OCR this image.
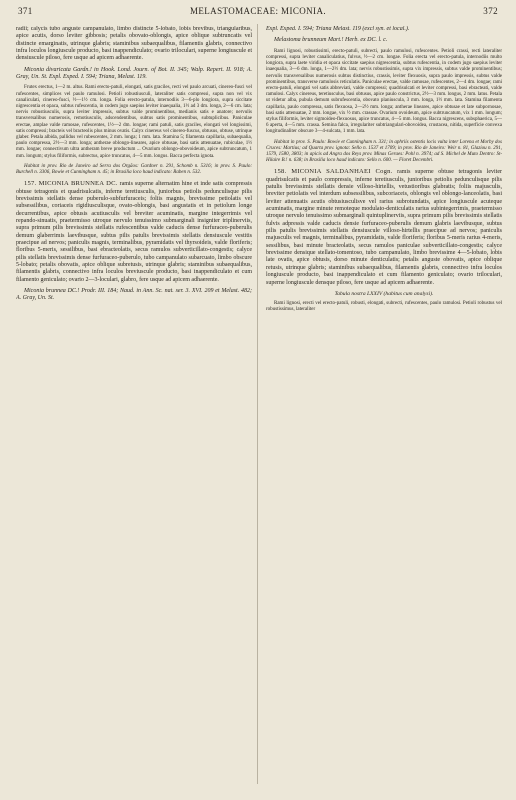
371	MELASTOMACEAE: MICONIA.	372

radii; calycis tubo anguste campanulato, limbo distincte 5-lobato, lobis brevibus, triangularibus, apice acutis, dorso leviter gibbosis; petalis obovato-oblongis, apice oblique subtruncatis vel distincte emarginatis, utrinque glabris; staminibus subaequalibus, filamentis glabris, connectivo infra loculos longiuscule producto, basi inappendiculato; ovario triloculari, superne longiuscule et densiuscule piloso, fere usque ad apicem adhaerente.

Miconia divaricata Gardn.! in Hook. Lond. Journ. of Bot. II. 345; Walp. Repert. II. 918; A. Gray, Un. St. Expl. Exped. I. 594; Triana, Melast. 119.

Frutex erectus, 1—2 m. altus. Rami erecto-patuli, elongati, satis graciles, recti vel paulo arcuati, cinereo-fusci vel rufescentes, simplices vel paulo ramulosi. Petioli robustiusculi, lateraliter satis compressi, supra non vel vix canaliculati, cinereo-fusci, ½—1½ cm. longa. Folia erecto-patula, internodiis 3—6-plo longiora, supra siccitate nigrescentia et opaca, subtus rufescentia, in codem jugo saepius leviter inaequalia, 1½ ad 3 dm. longa, 2—6 cm. lata; nervis robustiusculis, supra leviter impressis, subtus valde prominentibus, medianis satis e anatore; nervulis transversalibus numerosis, remotiusculis, adscendentibus, subtus satis prominentibus, subtuplicibus. Paniculae erectae, amplae valde ramosae, rufescentes, 1½—2 dm. longae; rami patuli, satis graciles, elongati vel longissimi, satis compressi; bracteis vel bracteolis plus minus ovatis. Calyx cinereus vel cinereo-fuscus, obtusus, obtuse, utrinque glaber. Petala albida, pallidus vel rubescentes, 2 mm. longa; 1 mm. lata. Stamina 5; filamenta capillaria, subaequalia, paulo compressa, 2½—3 mm. longa; antherae oblongo-lineares, apice obtusae, basi satis attenuatae, rubiculae, 1½ mm. longae; connectivum ultra antheram breve productum ... Ovarium oblongo-obovoideum, apice subtruncatum, 1 mm. longum; stylus filiformis, subrectus, apice truncatus, 4—5 mm. longus. Bacca perfecta ignota.

Habitat in prov. Rio de Janeiro ad Serra dos Orgãos: Gardner n. 291, Schomb n. 5316; in prov. S. Paulo: Burchell n. 3306, Bowie et Cunningham n. 45; in Brasilia loco haud indicato: Raben n. 532.

157. MICONIA BRUNNEA DC. ramis superne alternatim hine et inde satis compressis obtuse tetragonis et quadrisulcatis, inferne teretiusculis, juniorbus petiolis pedunculisque pilis brevissimis stellatis dense puberulo-subfurfuraceis; foliis magnis, brevissime petiolatis vel subsessilibus, coriaceis rigidiusculisque, ovato-oblongis, basi angustatis et in petiolum longe decurrentibus, apice obtusis acutiusculis vel breviter acuminatis, margine integerrimis vel repando-sinuatis, praetermisso utroque nervulo tenuissimo submarginali insigniter triplinerviis, supra primum pilis brevissimis stellatis rufescentibus valde caducis dense furfuraceo-puberulis demum glaberrimis laevibusque, subtus pilis patulis brevissimis stellatis densiuscule vestitis praecipue ad nervos; paniculis magnis, terminalibus, pyramidatis vel thyrsoideis, valde floriferis; floribus 5-meris, sessilibus, basi ebracteolatis, secus ramulos subverticillato-congestis; calyce pilis stellatis brevissimis dense furfuraceo-puberulo, tubo campanulato subarcuato, limbo obscure 5-lobato; petalis obovatis, apice oblique subretusis, utrinque glabris; staminibus subaequalibus, filamentis glabris, connectivo infra loculos breviuscule producto, basi inappendiculato et cum filamento geniculato; ovario 2—3-loculari, glabro, fere usque ad apicem adhaerente.

Miconia brunnea DC.! Prodr. III. 184; Naud. in Ann. Sc. nat. ser. 3. XVI. 209 et Melast. 482; A. Gray, Un. St.

Expl. Exped. I. 594; Triana Melast. 119 (excl syn. et local.).

Melastoma brunneum Mart.! Herb. ex DC. l. c.

Rami lignosi, robustissimi, erecto-patuli, subrecti, paulo ramulosi, rufescentes. Petioli crassi, recti lateraliter compressi, supra leviter canaliculatius, fulvus, ½—2 cm. longae. Folia erecta vel erecto-patula, internodiis multo longiora, supra laete viridia et opaca siccitate saepius nigrescentia, subtus rufescentia, in codem jugo saepius leviter inaequalia, 3—6 dm. longa, 1—2½ dm. lata; nervis robustissimis, supra vix impressis, subtus valde prominentibus; nervulis transversalibus numerosis subtus distinctius, crassis, leviter flexuosis, supra paulo impressis, subtus valde prominentibus, transverse ramulosis reticulatis. Paniculae erectae, valde ramosae, rufescentes, 2—4 dm. longae; rami erecto-patuli, elongati vel satis abbreviati, valde compressi; quadrisulcati et leviter compressi, basi ebracteati, valde ramulosi. Calyx cinereus, teretiusculus, basi obtusus, apice paulo constrictus, 2½—3 mm. longus, 2 mm. latus. Petala ut videtur alba, pubula demum subrufescentia, obovato planiuscula, 3 mm. longa, 1½ mm. lata. Stamina filamenta capillaria, paulo compressa, satis flexuosa, 2—2½ mm. longa; antherae lineares, apice obtusae et late subpornosae, basi satis attenuatae, 2 mm. longae, vix ½ mm. crassae. Ovarium ovoideum, apice subtruncatum, vix 1 mm. longum; stylus filiformis, leviter sigmoideo-flexuosus, apice truncatus, 4—5 mm. longus. Bacca nigrescens, subsphaerica, 5—6 aperta, 4—5 mm. crassa. Semina falca, irregulariter subtriangulari-obovoidea, crustacea, nitida, superficie convexa longitudinaliter obscure 3—4-sulcata, 1 mm. lata.

Habitat in prov. S. Paulo: Bowie et Cunningham n. 331; in aphriis ostentis locis vulta inter Lorena et Morby dos Cruces: Martius; ad Quarta prov. ignota: Sello n. 1537 et 1709; in prov. Rio de Janeiro: Weir n. 81, Glaziou n. 291, 1579, 1580, 3803; in apicis ad Angra dos Reys prov. Minas Geraes: Pohl n. 3974; ad S. Michel de Muto Dentro: St-Hilaire B.! n. 638; in Brasilia loco haud indicato: Sello n. 600. — Floret Decembri.

158. MICONIA SALDANHAEI Cogn. ramis superne obtuse tetragonis leviter quadrisulcatis et paulo compressis, inferne teretiusculis, junioribus petiolis pedunculisque pilis patulis brevissimis stellatis densie villoso-hirtellis, vetustioribus glabratis; foliis majusculis, breviter petiolatis vel interdum subsessilibus, subcoriaceis, oblongis vel oblongo-lanceolatis, basi leviter attenuatis acutis obtusiusculisve vel rarius subrotundatis, apice longiuscule acuteque acuminatis, margine minute remoteque modulato-denticulatis rarius subintegerrimis, praetermisso utroque nervulo tenuissimo submarginali quintuplinerviis, supra primum pilis brevissimis stellatis fulvis adpressis valde caducis densie furfuraceo-puberulis demum glabris laevibusque, subtus pilis patulis brevissimis stellatis densiuscule villoso-hirtellis praecipue ad nervos; paniculis majusculis vel magnis, terminalibus, pyramidatis, valde floriferis; floribus 5-meris rarius 4-meris, sessilibus, basi minute bracteolatis, secus ramulos paniculae subverticillato-congestis; calyce brevissime densique stellato-tomentoso, tubo campanulato, limbo brevissime 4—5-lobato, lobis late ovatis, apice obtusis, dorso minute denticulatis; petalis anguste obovatis, apice oblique retusis, utrinque glabris; staminibus subaequalibus, filamentis glabris, connectivo infra loculos longiuscule producto, basi inappendiculato et cum filamento geniculato; ovario triloculari, superne longiuscule densque piloso, fere usque ad apicem adhaerente.

Tabula nostra LXXIV (habitus cum analysi).

Rami lignosi, erecti vel erecto-patuli, robusti, elongati, subrecti, rufescentes, paulo ramulosi. Petioli robustus vel robustissimus, lateraliter
